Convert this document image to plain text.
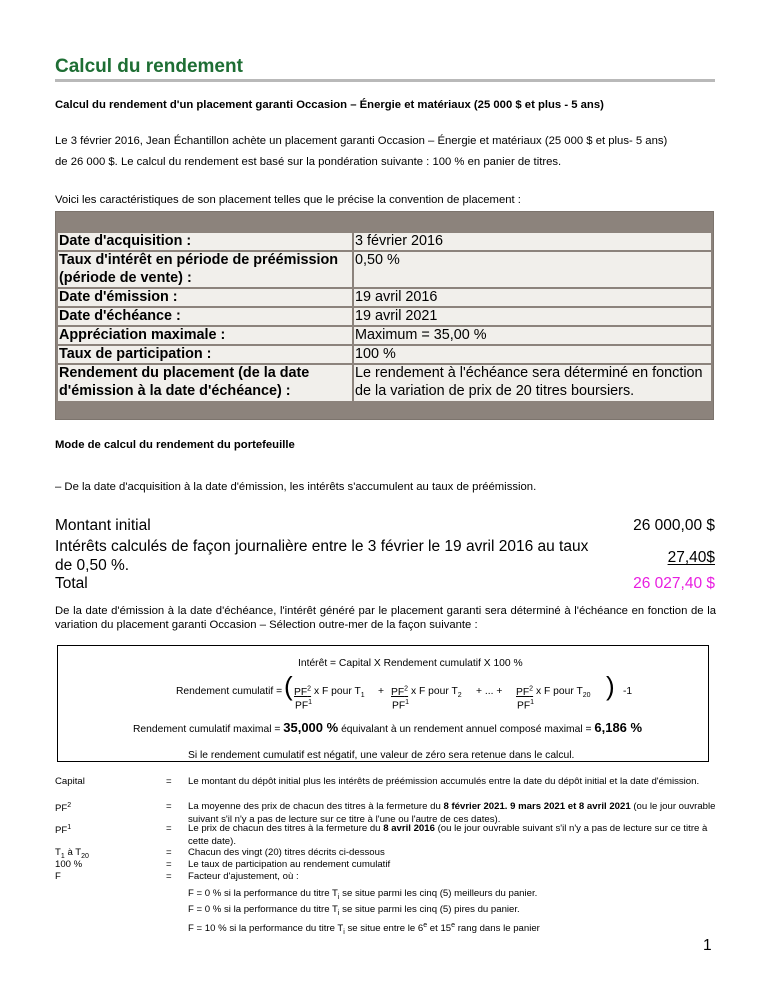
Calcul du rendement
Calcul du rendement d'un placement garanti Occasion – Énergie et matériaux (25 000 $ et plus - 5 ans)
Le 3 février 2016, Jean Échantillon achète un placement garanti Occasion – Énergie et matériaux (25 000 $ et plus- 5 ans)
de 26 000 $. Le calcul du rendement est basé sur la pondération suivante : 100 % en panier de titres.
Voici les caractéristiques de son placement telles que le précise la convention de placement :
Date d'acquisition :	3 février 2016
Taux d'intérêt en période de préémission (période de vente) :
0,50 %
Date d'émission :	19 avril 2016
Date d'échéance :	19 avril 2021
Appréciation maximale :	Maximum = 35,00 %
Taux de participation :	100 %
Rendement du placement (de la date d'émission à la date d'échéance) :
Le rendement à l'échéance sera déterminé en fonction de la variation de prix de 20 titres boursiers.
Mode de calcul du rendement du portefeuille
– De la date d'acquisition à la date d'émission, les intérêts s'accumulent au taux de préémission.
Montant initial	26 000,00 $
Intérêts calculés de façon journalière entre le 3 février le 19 avril 2016 au taux de 0,50 %.	27,40$
Total	26 027,40 $
De la date d'émission à la date d'échéance, l'intérêt généré par le placement garanti sera déterminé à l'échéance en fonction de la variation du placement garanti Occasion – Sélection outre-mer de la façon suivante :
Intérêt = Capital X Rendement cumulatif X 100 %
Rendement cumulatif = ( $PF^2$ x F pour $T_1 + PF^2$ x F pour $T_2$ + ... + $PF^2$ x F pour $T_{20}$ ) -1
$PF^1$	$PF^1$	$PF^1$
Rendement cumulatif maximal = 35,000 % équivalant à un rendement annuel composé maximal = 6,186 %
Si le rendement cumulatif est négatif, une valeur de zéro sera retenue dans le calcul.
Capital	= Le montant du dépôt initial plus les intérêts de préémission accumulés entre la date du dépôt initial et la date d'émission.
$PF^2$	= La moyenne des prix de chacun des titres à la fermeture du 8 février 2021. 9 mars 2021 et 8 avril 2021 (ou le jour ouvrable suivant s'il n'y a pas de lecture sur ce titre à l'une ou l'autre de ces dates).
$PF^1$	= Le prix de chacun des titres à la fermeture du 8 avril 2016 (ou le jour ouvrable suivant s'il n'y a pas de lecture sur ce titre à cette date).
$T_1$ à $T_{20}$	= Chacun des vingt (20) titres décrits ci-dessous
100 %	= Le taux de participation au rendement cumulatif
F	= Facteur d'ajustement, où :
F = 0 % si la performance du titre $T_i$ se situe parmi les cinq (5) meilleurs du panier.
F = 0 % si la performance du titre $T_i$ se situe parmi les cinq (5) pires du panier.
F = 10 % si la performance du titre $T_i$ se situe entre le 6e et 15e rang dans le panier
1
